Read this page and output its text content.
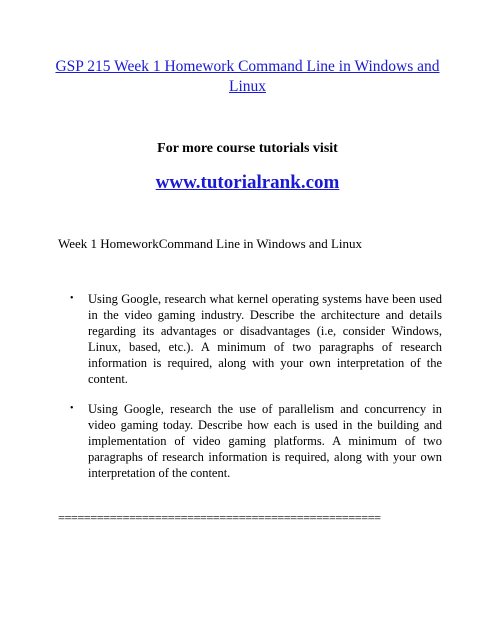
GSP 215 Week 1 Homework Command Line in Windows and Linux
For more course tutorials visit
www.tutorialrank.com
Week 1 HomeworkCommand Line in Windows and Linux
• Using Google, research what kernel operating systems have been used in the video gaming industry. Describe the architecture and details regarding its advantages or disadvantages (i.e, consider Windows, Linux, based, etc.). A minimum of two paragraphs of research information is required, along with your own interpretation of the content.
• Using Google, research the use of parallelism and concurrency in video gaming today. Describe how each is used in the building and implementation of video gaming platforms. A minimum of two paragraphs of research information is required, along with your own interpretation of the content.
==================================================
